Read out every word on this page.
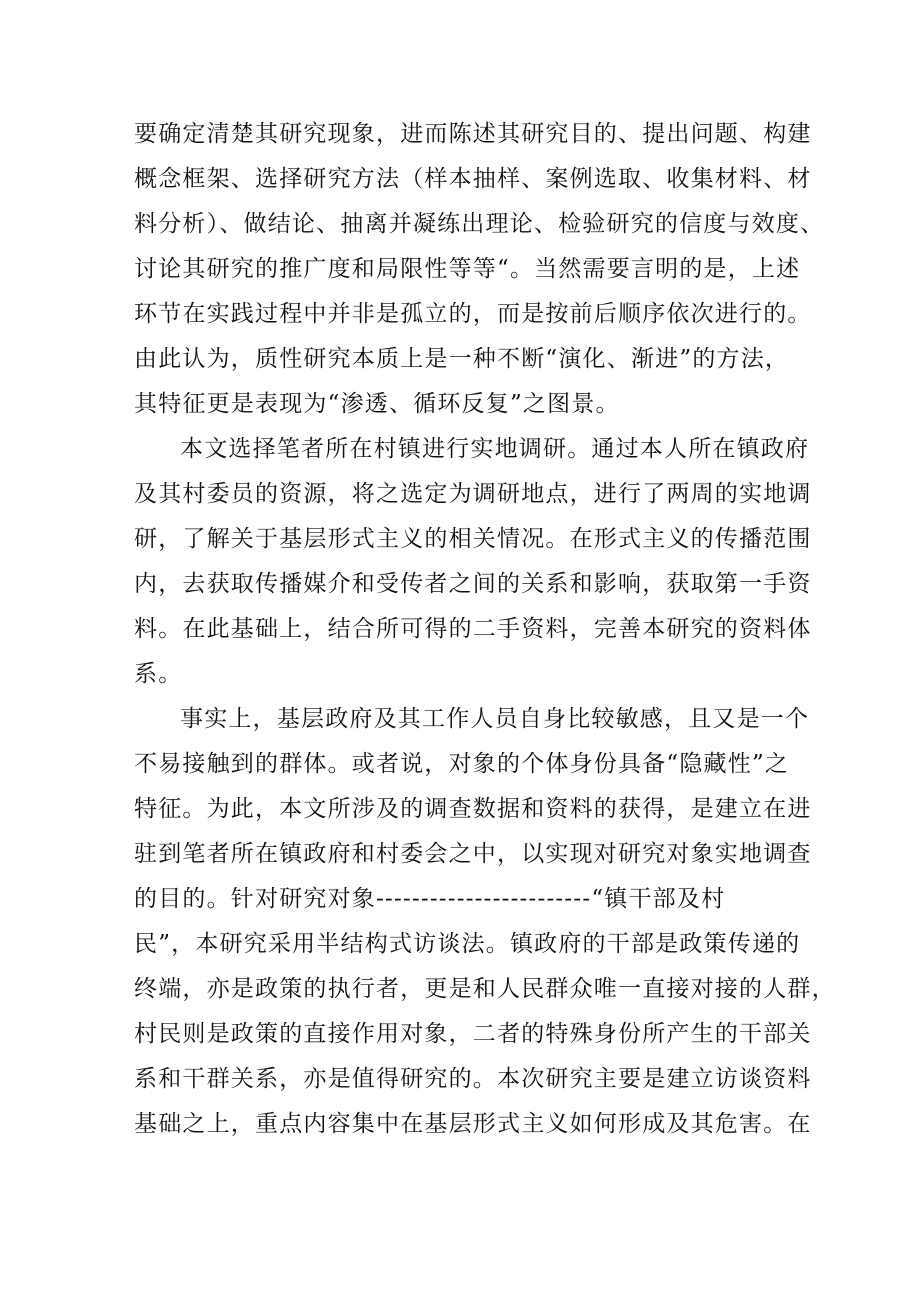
要确定清楚其研究现象，进而陈述其研究目的、提出问题、构建
概念框架、选择研究方法（样本抽样、案例选取、收集材料、材
料分析）、做结论、抽离并凝练出理论、检验研究的信度与效度、
讨论其研究的推广度和局限性等等“。当然需要言明的是，上述
环节在实践过程中并非是孤立的，而是按前后顺序依次进行的。
由此认为，质性研究本质上是一种不断“演化、渐进”的方法，
其特征更是表现为“渗透、循环反复”之图景。
本文选择笔者所在村镇进行实地调研。通过本人所在镇政府
及其村委员的资源，将之选定为调研地点，进行了两周的实地调
研，了解关于基层形式主义的相关情况。在形式主义的传播范围
内，去获取传播媒介和受传者之间的关系和影响，获取第一手资
料。在此基础上，结合所可得的二手资料，完善本研究的资料体
系。
事实上，基层政府及其工作人员自身比较敏感，且又是一个
不易接触到的群体。或者说，对象的个体身份具备“隐藏性”之
特征。为此，本文所涉及的调查数据和资料的获得，是建立在进
驻到笔者所在镇政府和村委会之中，以实现对研究对象实地调查
的目的。针对研究对象------------------------“镇干部及村
民”，本研究采用半结构式访谈法。镇政府的干部是政策传递的
终端，亦是政策的执行者，更是和人民群众唯一直接对接的人群，
村民则是政策的直接作用对象，二者的特殊身份所产生的干部关
系和干群关系，亦是值得研究的。本次研究主要是建立访谈资料
基础之上，重点内容集中在基层形式主义如何形成及其危害。在
